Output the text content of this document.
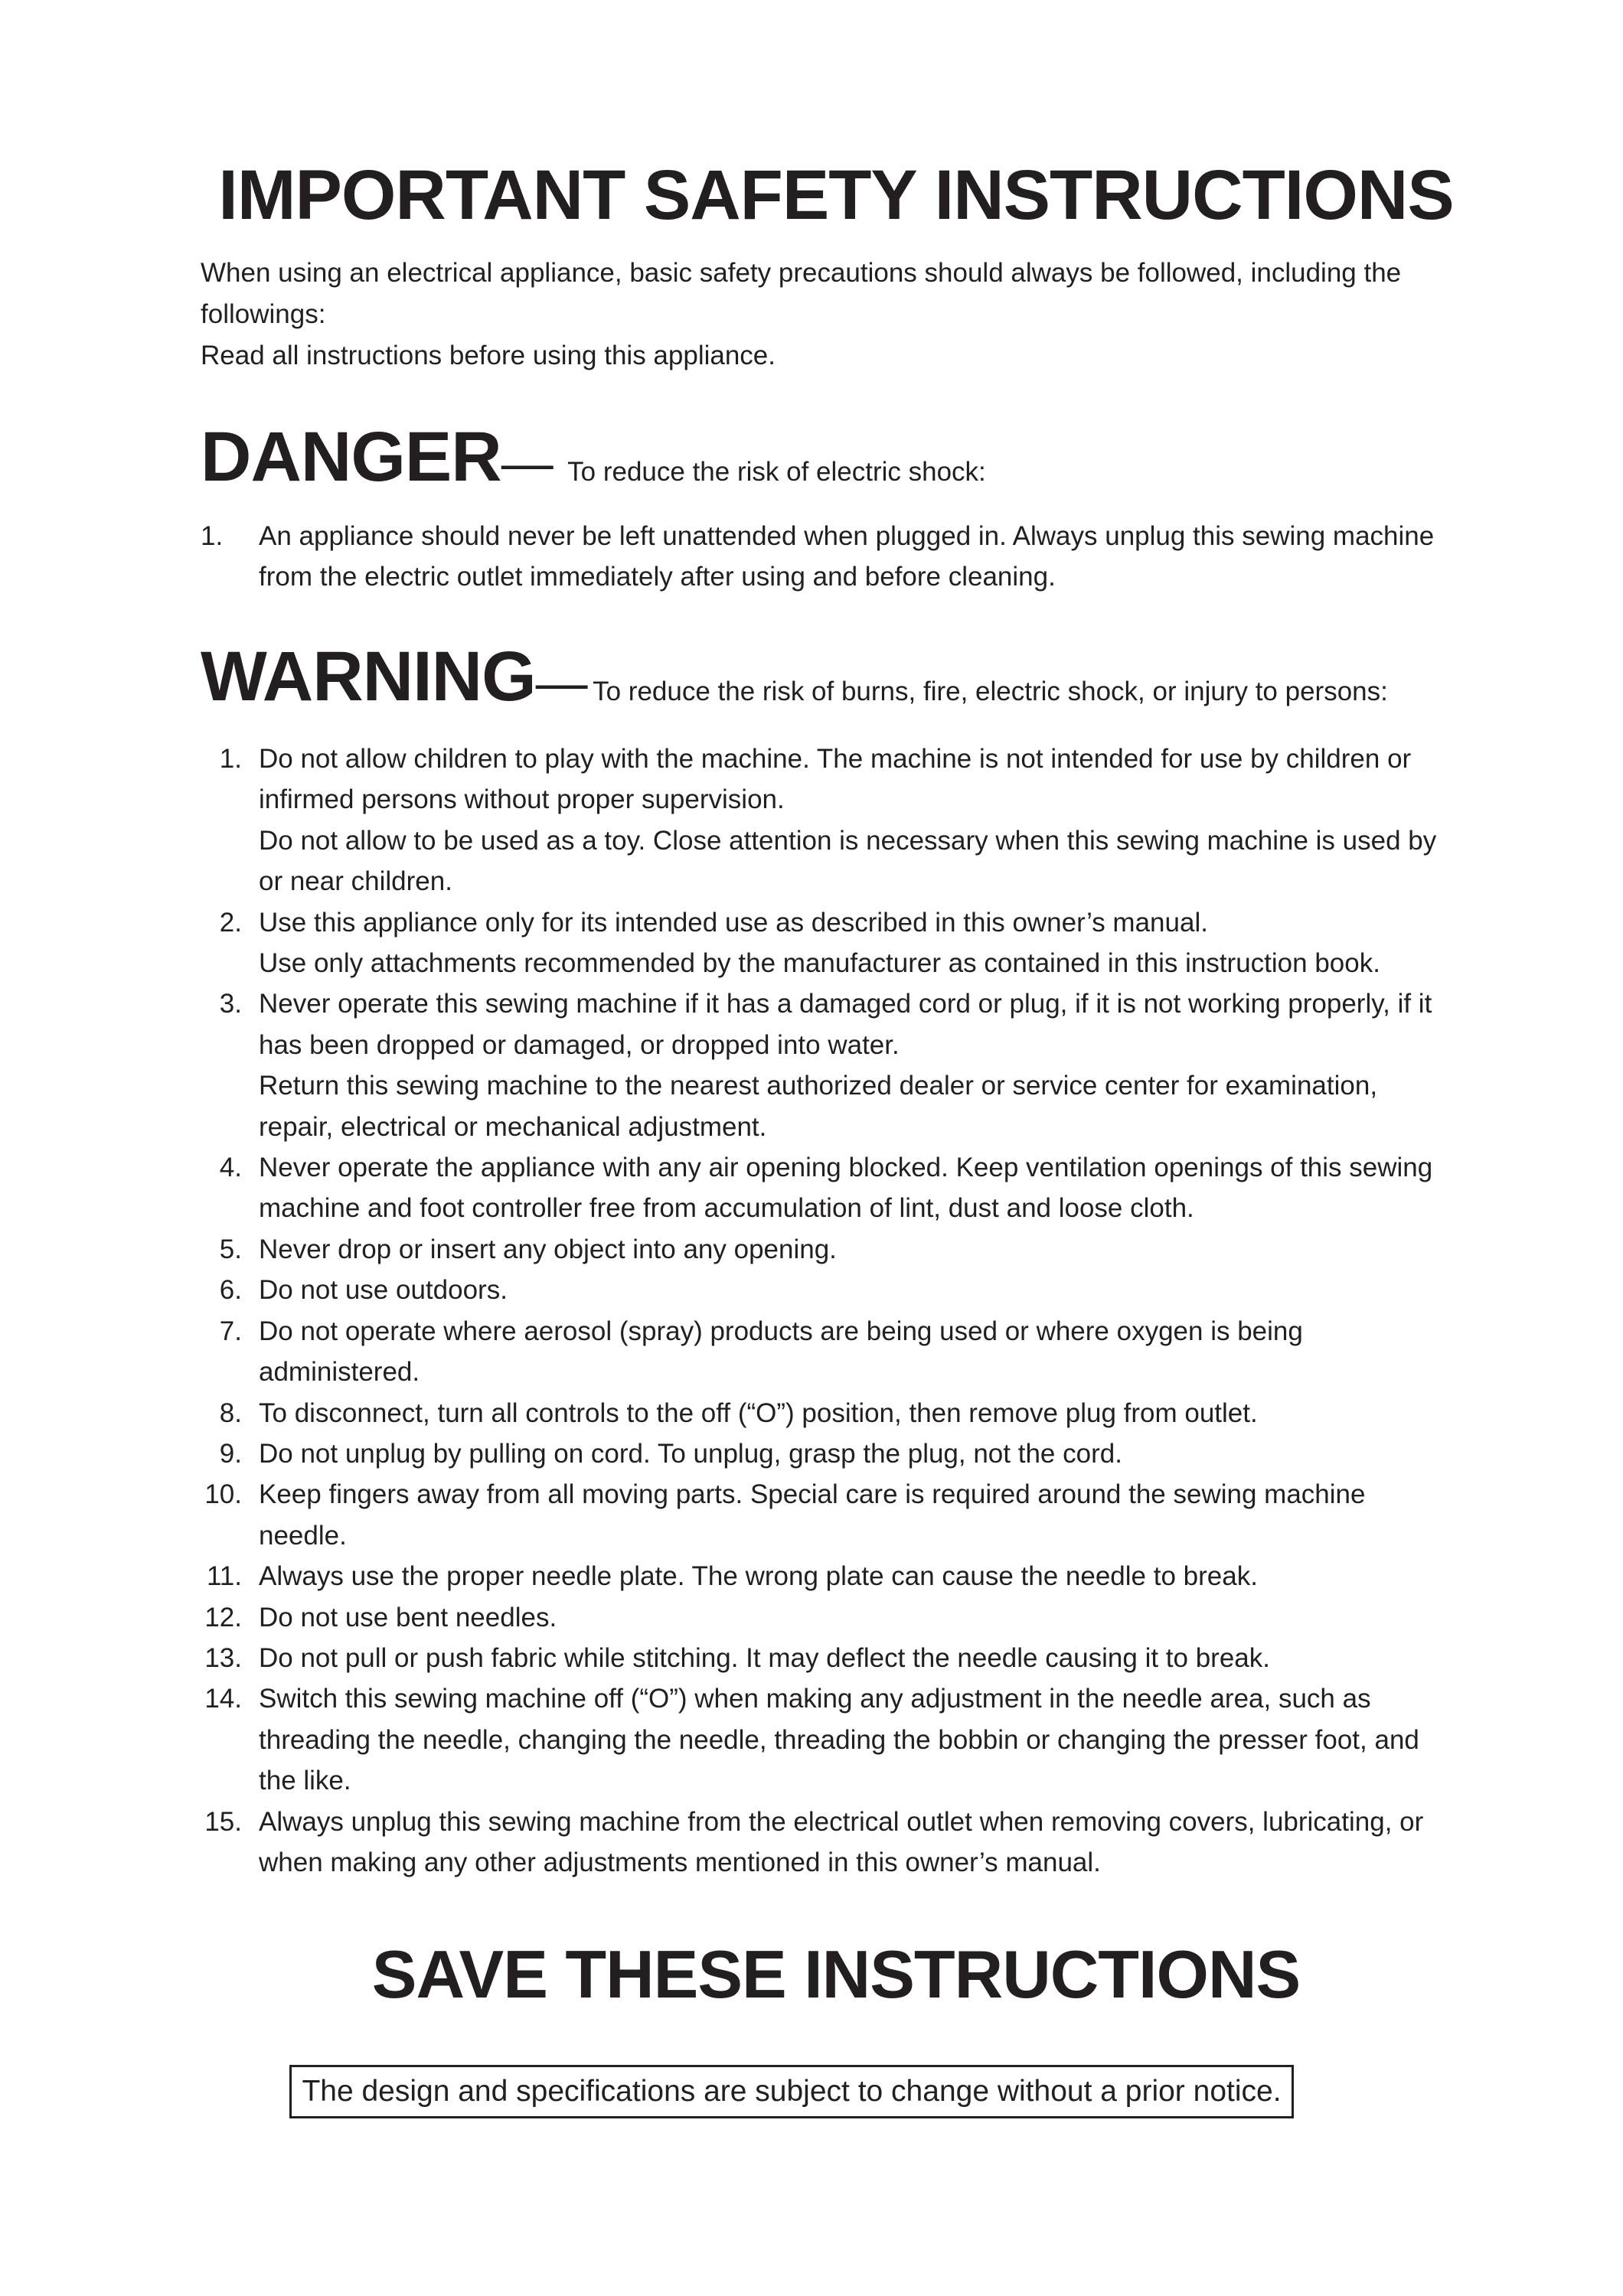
IMPORTANT SAFETY INSTRUCTIONS

When using an electrical appliance, basic safety precautions should always be followed, including the

followings:

Read all instructions before using this appliance.

DANGER— To reduce the risk of electric shock:
1.	An appliance should never be left unattended when plugged in. Always unplug this sewing machine
from the electric outlet immediately after using and before cleaning.
WARNING— To reduce the risk of burns, fire, electric shock, or injury to persons:
1. Do not allow children to play with the machine. The machine is not intended for use by children or
infirmed persons without proper supervision.
Do not allow to be used as a toy. Close attention is necessary when this sewing machine is used by
or near children.
2. Use this appliance only for its intended use as described in this owner’s manual.
Use only attachments recommended by the manufacturer as contained in this instruction book.
3. Never operate this sewing machine if it has a damaged cord or plug, if it is not working properly, if it
has been dropped or damaged, or dropped into water.
Return this sewing machine to the nearest authorized dealer or service center for examination,
repair, electrical or mechanical adjustment.
4. Never operate the appliance with any air opening blocked. Keep ventilation openings of this sewing
machine and foot controller free from accumulation of lint, dust and loose cloth.
5. Never drop or insert any object into any opening.
6. Do not use outdoors.
7. Do not operate where aerosol (spray) products are being used or where oxygen is being
administered.
8. To disconnect, turn all controls to the off (“O”) position, then remove plug from outlet.
9. Do not unplug by pulling on cord. To unplug, grasp the plug, not the cord.
10. Keep fingers away from all moving parts. Special care is required around the sewing machine
needle.
11. Always use the proper needle plate. The wrong plate can cause the needle to break.
12. Do not use bent needles.
13. Do not pull or push fabric while stitching. It may deflect the needle causing it to break.
14. Switch this sewing machine off (“O”) when making any adjustment in the needle area, such as
threading the needle, changing the needle, threading the bobbin or changing the presser foot, and
the like.
15. Always unplug this sewing machine from the electrical outlet when removing covers, lubricating, or
when making any other adjustments mentioned in this owner’s manual.
SAVE THESE INSTRUCTIONS
The design and specifications are subject to change without a prior notice.
